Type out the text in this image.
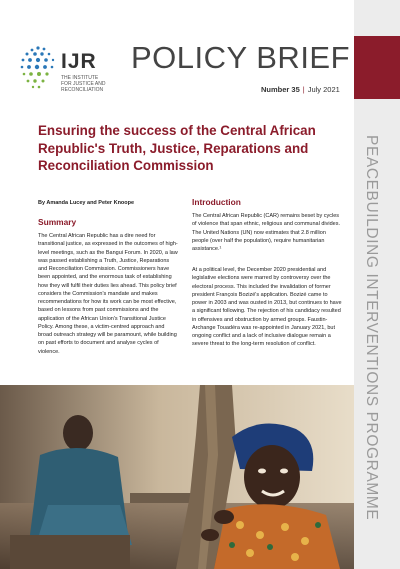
PEACEBUILDING INTERVENTIONS PROGRAMME
IJR
THE INSTITUTE
FOR JUSTICE AND
RECONCILIATION
POLICY BRIEF
Number 35 | July 2021
Ensuring the success of the Central African Republic's Truth, Justice, Reparations and Reconciliation Commission
By Amanda Lucey and Peter Knoope
Summary
The Central African Republic has a dire need for transitional justice, as expressed in the outcomes of high-level meetings, such as the Bangui Forum. In 2020, a law was passed establishing a Truth, Justice, Reparations and Reconciliation Commission. Commissioners have been appointed, and the enormous task of establishing how they will fulfil their duties lies ahead. This policy brief considers the Commission's mandate and makes recommendations for how its work can be most effective, based on lessons from past commissions and the application of the African Union's Transitional Justice Policy. Among these, a victim-centred approach and broad outreach strategy will be paramount, while building on past efforts to document and analyse cycles of violence.
Introduction
The Central African Republic (CAR) remains beset by cycles of violence that span ethnic, religious and communal divides. The United Nations (UN) now estimates that 2.8 million people (over half the population), require humanitarian assistance.¹
At a political level, the December 2020 presidential and legislative elections were marred by controversy over the electoral process. This included the invalidation of former president François Bozizé's application. Bozizé came to power in 2003 and was ousted in 2013, but continues to have a significant following. The rejection of his candidacy resulted in offensives and obstruction by armed groups. Faustin-Archange Touadéra was re-appointed in January 2021, but ongoing conflict and a lack of inclusive dialogue remain a severe threat to the long-term resolution of conflict.
